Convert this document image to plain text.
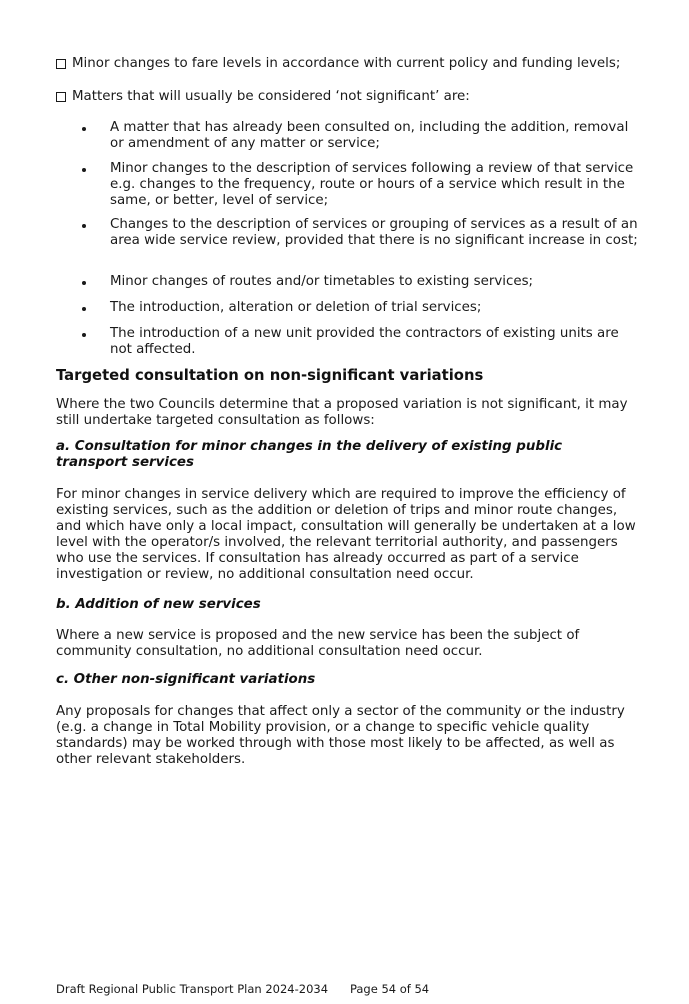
Minor changes to fare levels in accordance with current policy and funding levels;
Matters that will usually be considered ‘not significant’ are:
A matter that has already been consulted on, including the addition, removal or amendment of any matter or service;
Minor changes to the description of services following a review of that service e.g. changes to the frequency, route or hours of a service which result in the same, or better, level of service;
Changes to the description of services or grouping of services as a result of an area wide service review, provided that there is no significant increase in cost;
Minor changes of routes and/or timetables to existing services;
The introduction, alteration or deletion of trial services;
The introduction of a new unit provided the contractors of existing units are not affected.
Targeted consultation on non-significant variations

Where the two Councils determine that a proposed variation is not significant, it may still undertake targeted consultation as follows:

a. Consultation for minor changes in the delivery of existing public transport services

For minor changes in service delivery which are required to improve the efficiency of existing services, such as the addition or deletion of trips and minor route changes, and which have only a local impact, consultation will generally be undertaken at a low level with the operator/s involved, the relevant territorial authority, and passengers who use the services. If consultation has already occurred as part of a service investigation or review, no additional consultation need occur.

b. Addition of new services

Where a new service is proposed and the new service has been the subject of community consultation, no additional consultation need occur.

c. Other non-significant variations

Any proposals for changes that affect only a sector of the community or the industry (e.g. a change in Total Mobility provision, or a change to specific vehicle quality standards) may be worked through with those most likely to be affected, as well as other relevant stakeholders.

Draft Regional Public Transport Plan 2024-2034 Page 54 of 54
